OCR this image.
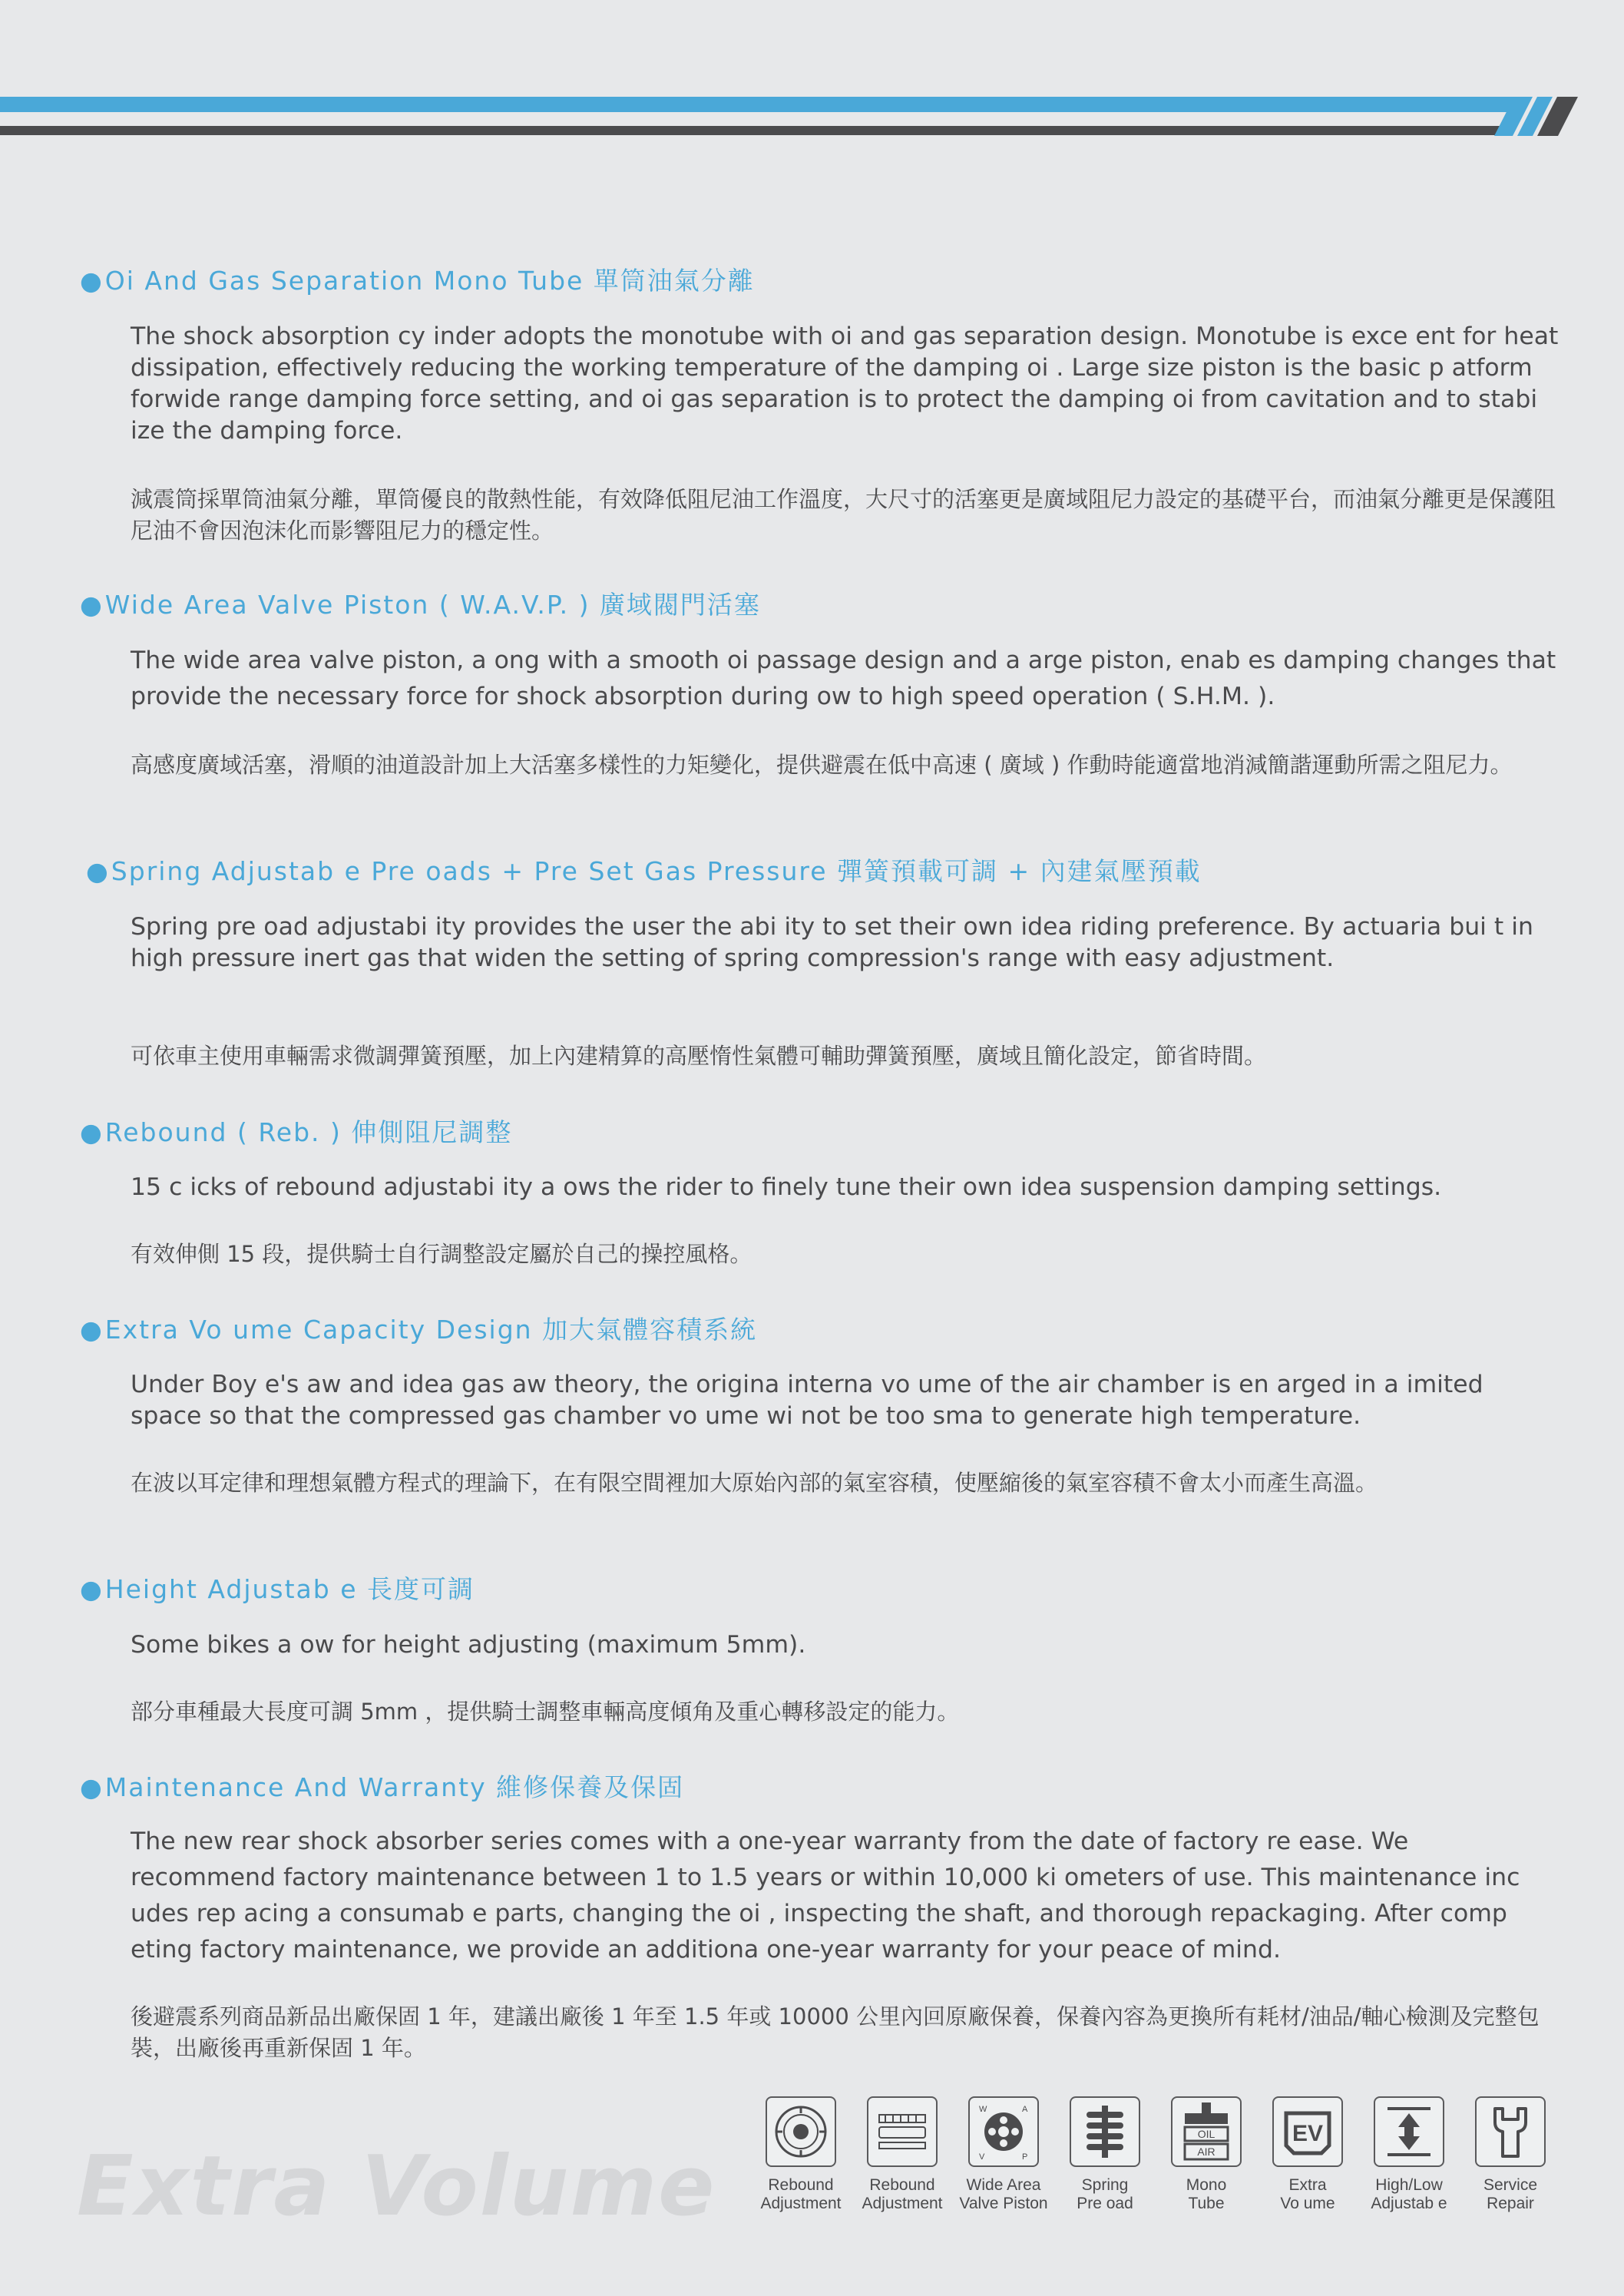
●Oi And Gas Separation Mono Tube 單筒油氣分離

The shock absorption cy inder adopts the monotube with oi and gas separation design. Monotube is exce ent for heat dissipation, effectively reducing the working temperature of the damping oi . Large size piston is the basic p atform forwide range damping force setting, and oi gas separation is to protect the damping oi from cavitation and to stabi ize the damping force.

減震筒採單筒油氣分離，單筒優良的散熱性能，有效降低阻尼油工作溫度，大尺寸的活塞更是廣域阻尼力設定的基礎平台，而油氣分離更是保護阻尼油不會因泡沫化而影響阻尼力的穩定性。

●Wide Area Valve Piston ( W.A.V.P. ) 廣域閥門活塞

The wide area valve piston, a ong with a smooth oi passage design and a arge piston, enab es damping changes that provide the necessary force for shock absorption during ow to high speed operation ( S.H.M. ).

高感度廣域活塞，滑順的油道設計加上大活塞多樣性的力矩變化，提供避震在低中高速 ( 廣域 ) 作動時能適當地消減簡諧運動所需之阻尼力。

●Spring Adjustab e Pre oads + Pre Set Gas Pressure 彈簧預載可調 + 內建氣壓預載

Spring pre oad adjustabi ity provides the user the abi ity to set their own idea riding preference. By actuaria bui t in high pressure inert gas that widen the setting of spring compression's range with easy adjustment.

可依車主使用車輛需求微調彈簧預壓，加上內建精算的高壓惰性氣體可輔助彈簧預壓，廣域且簡化設定，節省時間。

●Rebound ( Reb. ) 伸側阻尼調整

15 c icks of rebound adjustabi ity a ows the rider to finely tune their own idea suspension damping settings.

有效伸側 15 段，提供騎士自行調整設定屬於自己的操控風格。

●Extra Vo ume Capacity Design 加大氣體容積系統

Under Boy e's aw and idea gas aw theory, the origina interna vo ume of the air chamber is en arged in a imited space so that the compressed gas chamber vo ume wi not be too sma to generate high temperature.

在波以耳定律和理想氣體方程式的理論下，在有限空間裡加大原始內部的氣室容積，使壓縮後的氣室容積不會太小而產生高溫。

●Height Adjustab e 長度可調

Some bikes a ow for height adjusting (maximum 5mm).

部分車種最大長度可調 5mm ，提供騎士調整車輛高度傾角及重心轉移設定的能力。

●Maintenance And Warranty 維修保養及保固

The new rear shock absorber series comes with a one-year warranty from the date of factory re ease. We recommend factory maintenance between 1 to 1.5 years or within 10,000 ki ometers of use. This maintenance inc udes rep acing a consumab e parts, changing the oi , inspecting the shaft, and thorough repackaging. After comp eting factory maintenance, we provide an additiona one-year warranty for your peace of mind.

後避震系列商品新品出廠保固 1 年，建議出廠後 1 年至 1.5 年或 10000 公里內回原廠保養，保養內容為更換所有耗材/油品/軸心檢測及完整包裝，出廠後再重新保固 1 年。

Extra Volume	Rebound
Adjustment
Rebound
Adjustment
W	A
V	P
Wide Area
Valve Piston
Spring
Pre oad
OIL
AIR
Mono
Tube
EV
Extra
Vo ume
High/Low
Adjustab e
Service
Repair
